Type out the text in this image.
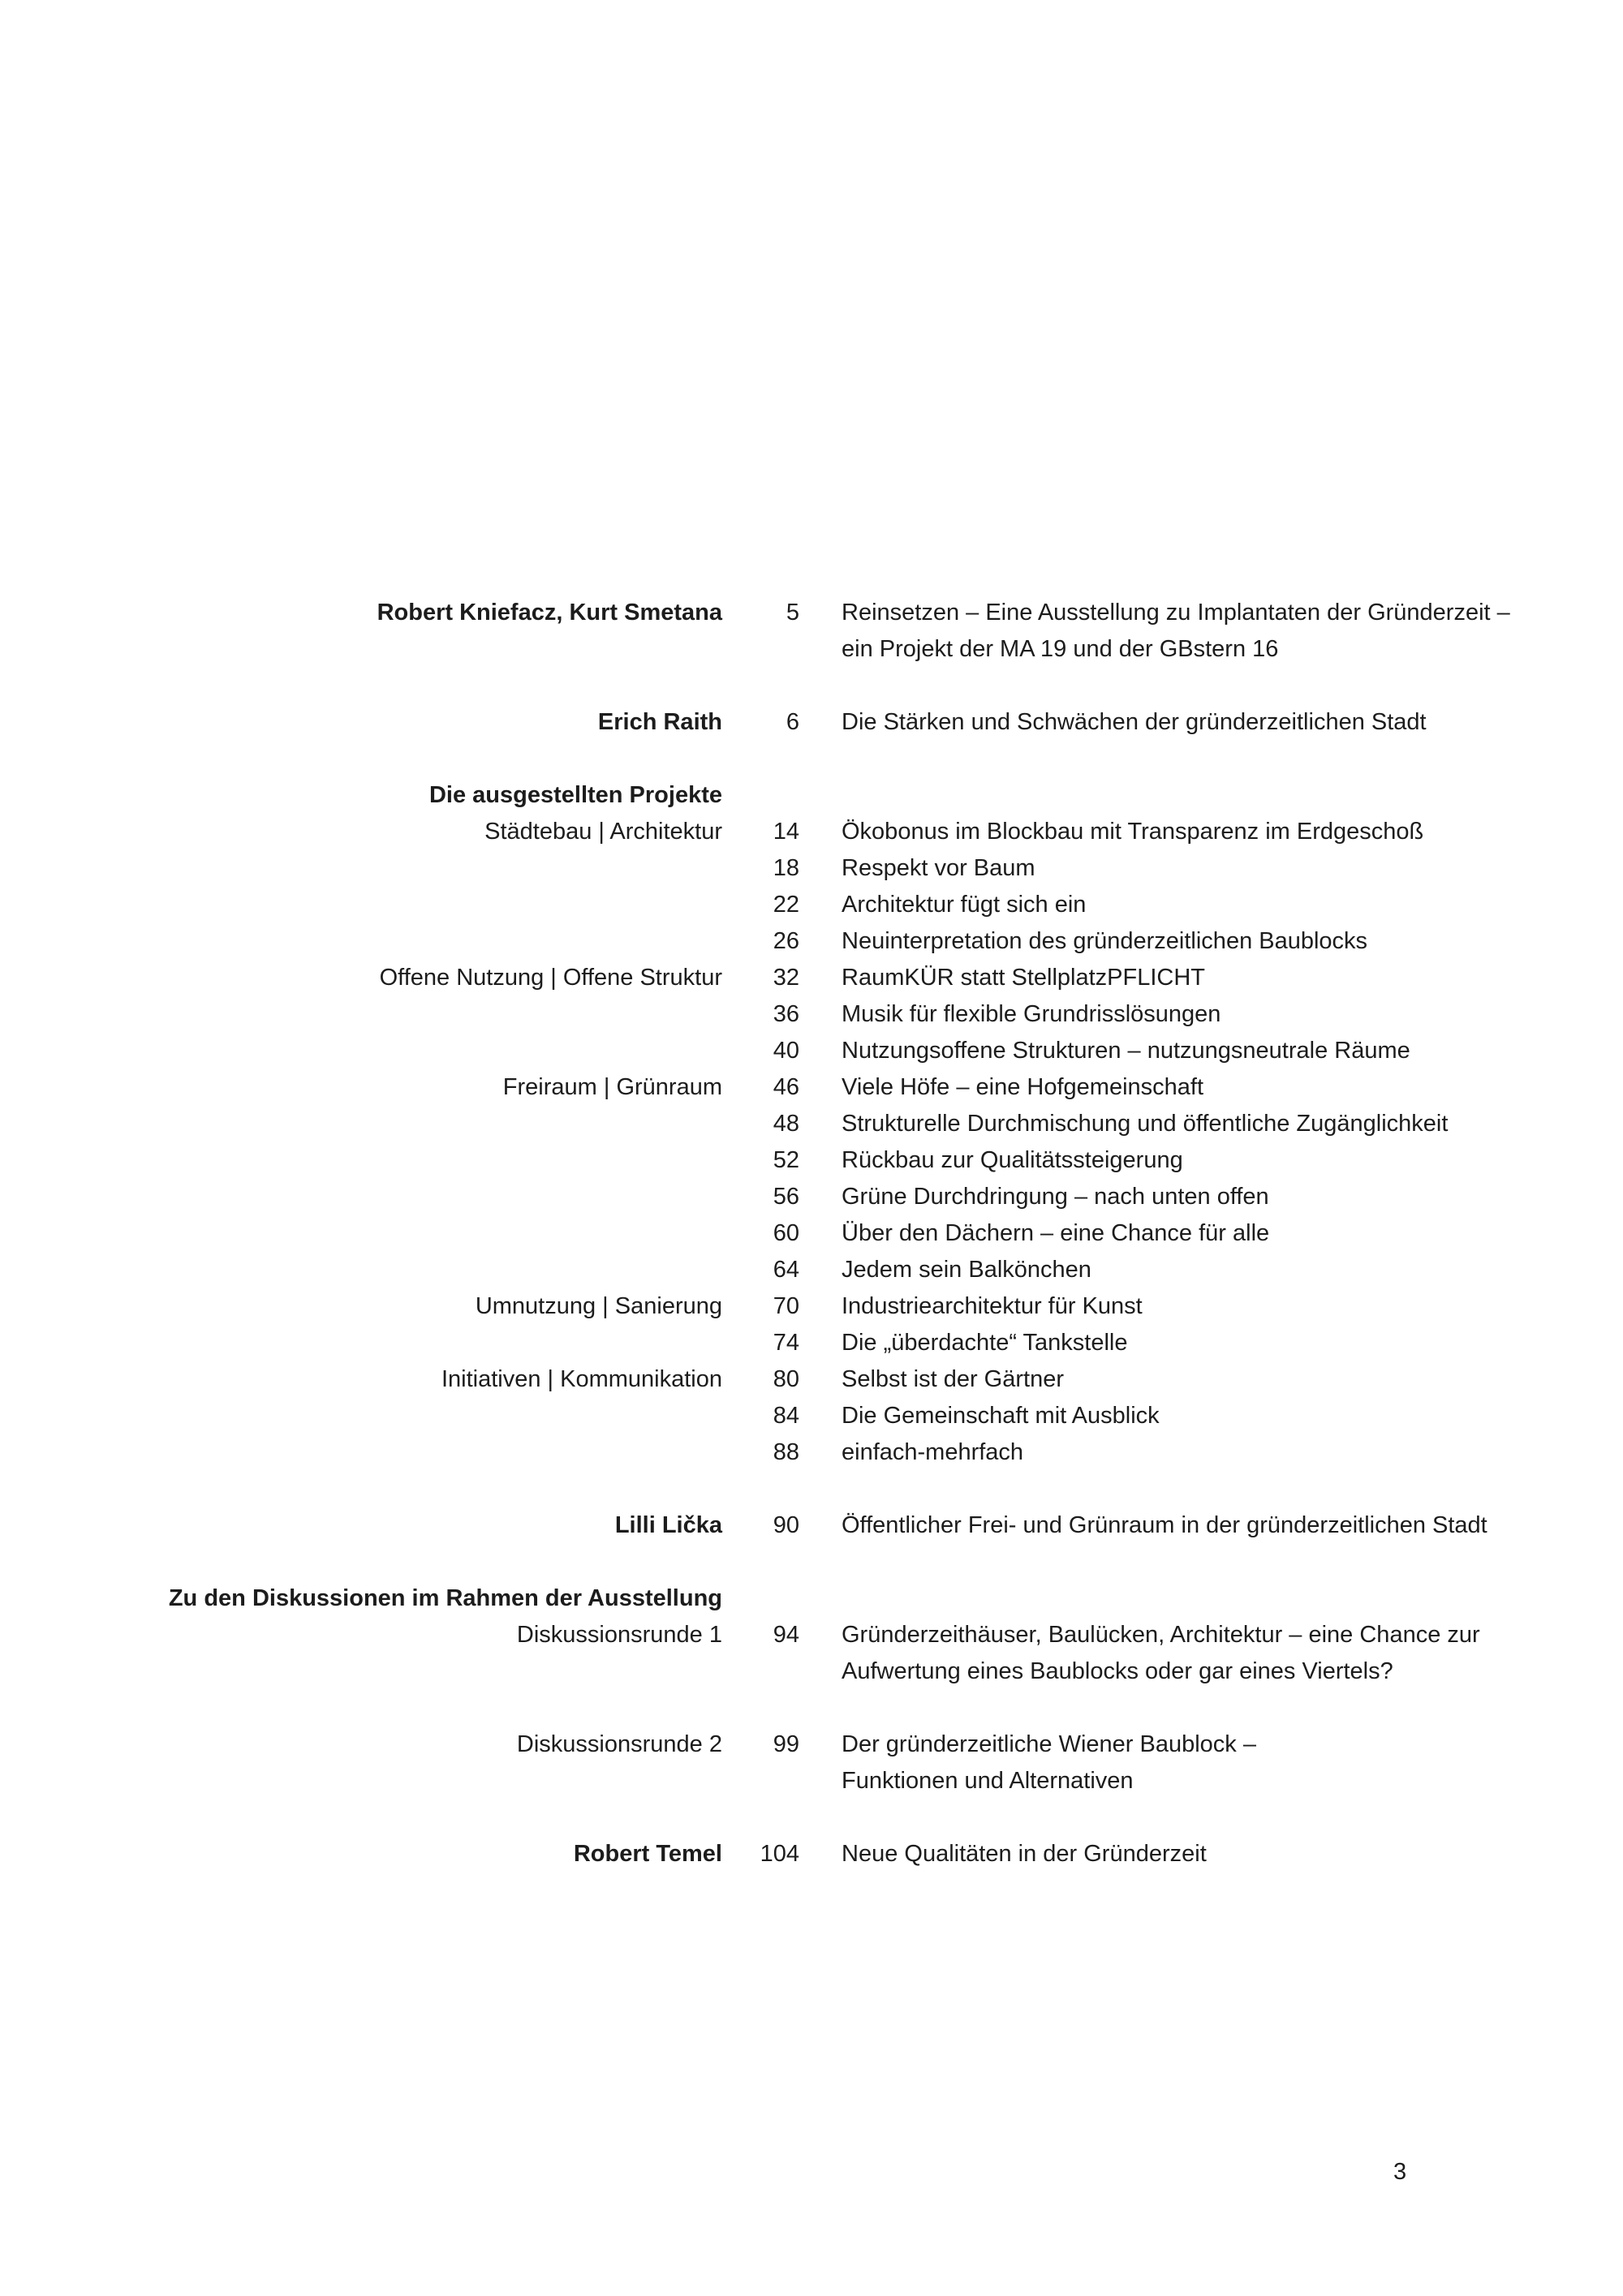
Robert Kniefacz, Kurt Smetana	5 Reinsetzen – Eine Ausstellung zu Implantaten der Gründerzeit –
ein Projekt der MA 19 und der GBstern 16
Erich Raith	6 Die Stärken und Schwächen der gründerzeitlichen Stadt
Die ausgestellten Projekte
Städtebau | Architektur 14 Ökobonus im Blockbau mit Transparenz im Erdgeschoß
18 Respekt vor Baum
22 Architektur fügt sich ein
26 Neuinterpretation des gründerzeitlichen Baublocks
Offene Nutzung | Offene Struktur 32 RaumKÜR statt StellplatzPFLICHT
36 Musik für flexible Grundrisslösungen
40 Nutzungsoffene Strukturen – nutzungsneutrale Räume
Freiraum | Grünraum 46 Viele Höfe – eine Hofgemeinschaft
48 Strukturelle Durchmischung und öffentliche Zugänglichkeit
52 Rückbau zur Qualitätssteigerung
56 Grüne Durchdringung – nach unten offen
60 Über den Dächern – eine Chance für alle
64 Jedem sein Balkönchen
Umnutzung | Sanierung 70 Industriearchitektur für Kunst
74 Die „überdachte“ Tankstelle
Initiativen | Kommunikation 80 Selbst ist der Gärtner
84 Die Gemeinschaft mit Ausblick
88 einfach-mehrfach
Lilli Lička 90 Öffentlicher Frei- und Grünraum in der gründerzeitlichen Stadt
Zu den Diskussionen im Rahmen der Ausstellung
Diskussionsrunde 1 94 Gründerzeithäuser, Baulücken, Architektur – eine Chance zur
Aufwertung eines Baublocks oder gar eines Viertels?
Diskussionsrunde 2 99 Der gründerzeitliche Wiener Baublock –
Funktionen und Alternativen
Robert Temel 104 Neue Qualitäten in der Gründerzeit
3
